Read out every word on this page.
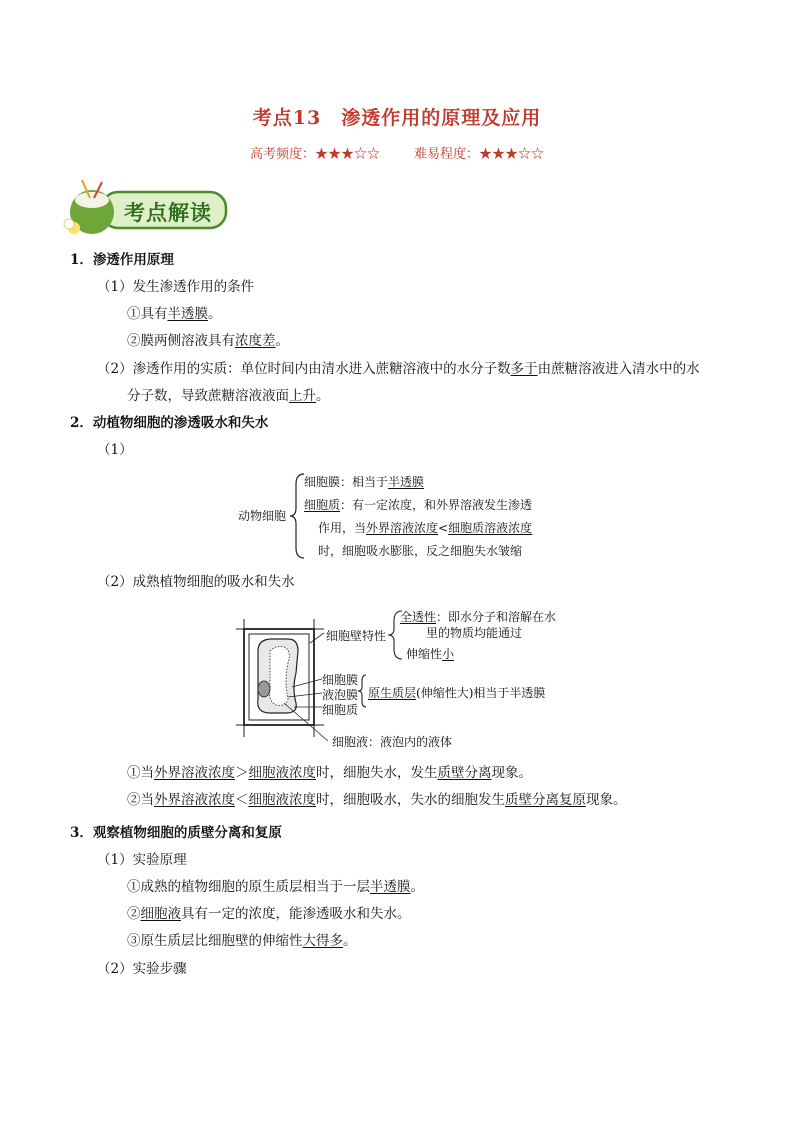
考点13　渗透作用的原理及应用
高考频度：★★★☆☆	难易程度：★★★☆☆
考点解读
1．渗透作用原理
（1）发生渗透作用的条件
①具有半透膜。
②膜两侧溶液具有浓度差。
（2）渗透作用的实质：单位时间内由清水进入蔗糖溶液中的水分子数多于由蔗糖溶液进入清水中的水
分子数，导致蔗糖溶液液面上升。
2．动植物细胞的渗透吸水和失水
（1）
动物细胞
细胞膜：相当于半透膜
细胞质：有一定浓度，和外界溶液发生渗透
作用，当外界溶液浓度<细胞质溶液浓度
时，细胞吸水膨胀，反之细胞失水皱缩
（2）成熟植物细胞的吸水和失水
细胞壁特性
全透性：即水分子和溶解在水
里的物质均能通过
伸缩性小
细胞膜
液泡膜
细胞质
原生质层(伸缩性大)相当于半透膜
细胞液：液泡内的液体
①当外界溶液浓度＞细胞液浓度时，细胞失水，发生质壁分离现象。
②当外界溶液浓度＜细胞液浓度时，细胞吸水，失水的细胞发生质壁分离复原现象。
3．观察植物细胞的质壁分离和复原
（1）实验原理
①成熟的植物细胞的原生质层相当于一层半透膜。
②细胞液具有一定的浓度，能渗透吸水和失水。
③原生质层比细胞壁的伸缩性大得多。
（2）实验步骤
